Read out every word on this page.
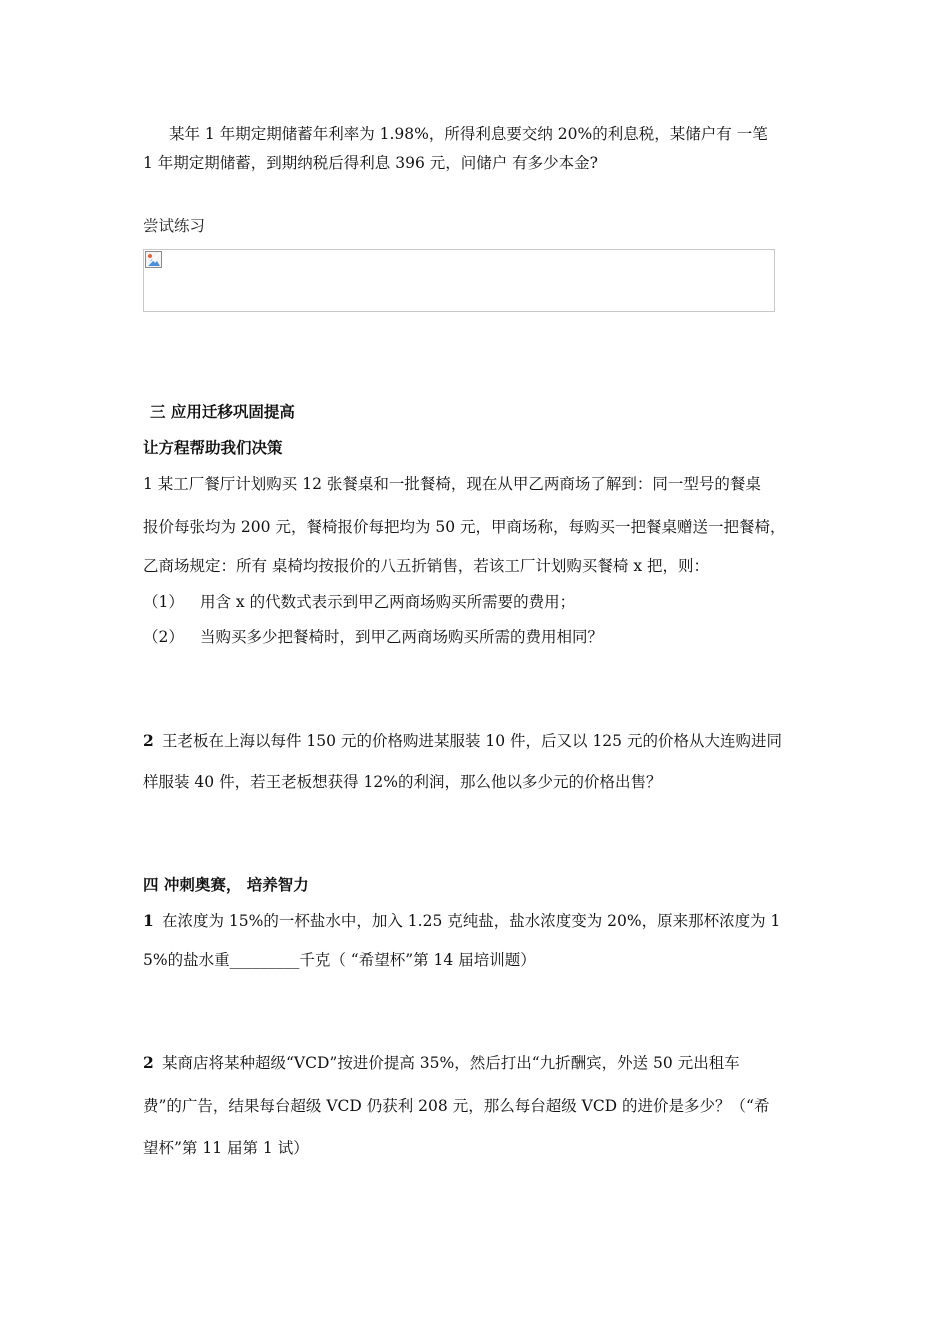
某年 1 年期定期储蓄年利率为 1.98%，所得利息要交纳 20%的利息税，某储户有 一笔
1 年期定期储蓄，到期纳税后得利息 396 元，问储户 有多少本金?
尝试练习
三 应用迁移巩固提高
让方程帮助我们决策
1 某工厂餐厅计划购买 12 张餐桌和一批餐椅，现在从甲乙两商场了解到：同一型号的餐桌
报价每张均为 200 元，餐椅报价每把均为 50 元，甲商场称，每购买一把餐桌赠送一把餐椅，
乙商场规定：所有 桌椅均按报价的八五折销售，若该工厂计划购买餐椅 x 把，则：
（1） 用含 x 的代数式表示到甲乙两商场购买所需要的费用；
（2） 当购买多少把餐椅时，到甲乙两商场购买所需的费用相同？
2 王老板在上海以每件 150 元的价格购进某服装 10 件，后又以 125 元的价格从大连购进同
样服装 40 件，若王老板想获得 12%的利润，那么他以多少元的价格出售？
四 冲刺奥赛， 培养智力
1 在浓度为 15%的一杯盐水中，加入 1.25 克纯盐，盐水浓度变为 20%，原来那杯浓度为 1
5%的盐水重_________千克（ “希望杯”第 14 届培训题）
2 某商店将某种超级“VCD”按进价提高 35%，然后打出“九折酬宾，外送 50 元出租车
费”的广告，结果每台超级 VCD 仍获利 208 元，那么每台超级 VCD 的进价是多少？（“希
望杯”第 11 届第 1 试）
